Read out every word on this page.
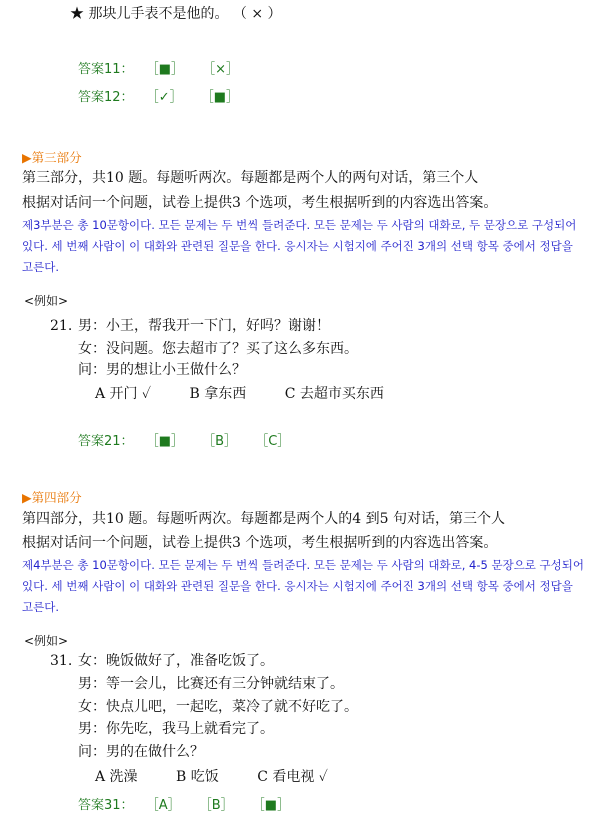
★ 那块儿手表不是他的。 （ × ）
答案11： ［■］ ［×］
答案12： ［✓］ ［■］
▶第三部分
第三部分，共10 题。每题听两次。每题都是两个人的两句对话，第三个人
根据对话问一个问题，试卷上提供3 个选项，考生根据听到的内容选出答案。
제3부분은 총 10문항이다. 모든 문제는 두 번씩 들려준다. 모든 문제는 두 사람의 대화로, 두 문장으로 구성되어 있다. 세 번째 사람이 이 대화와 관련된 질문을 한다. 응시자는 시험지에 주어진 3개의 선택 항목 중에서 정답을 고른다.
<例如>
21. 男：小王，帮我开一下门，好吗？谢谢！
女：没问题。您去超市了？买了这么多东西。
问：男的想让小王做什么？
A 开门 ✓	B 拿东西	C 去超市买东西
答案21： ［■］ ［B］ ［C］
▶第四部分
第四部分，共10 题。每题听两次。每题都是两个人的4 到5 句对话，第三个人
根据对话问一个问题，试卷上提供3 个选项，考生根据听到的内容选出答案。
제4부분은 총 10문항이다. 모든 문제는 두 번씩 들려준다. 모든 문제는 두 사람의 대화로, 4-5 문장으로 구성되어 있다. 세 번째 사람이 이 대화와 관련된 질문을 한다. 응시자는 시험지에 주어진 3개의 선택 항목 중에서 정답을 고른다.
<例如>
31. 女：晚饭做好了，准备吃饭了。
男：等一会儿，比赛还有三分钟就结束了。
女：快点儿吧，一起吃，菜冷了就不好吃了。
男：你先吃，我马上就看完了。
问：男的在做什么？
A 洗澡	B 吃饭	C 看电视 ✓
答案31： ［A］ ［B］ ［■］
